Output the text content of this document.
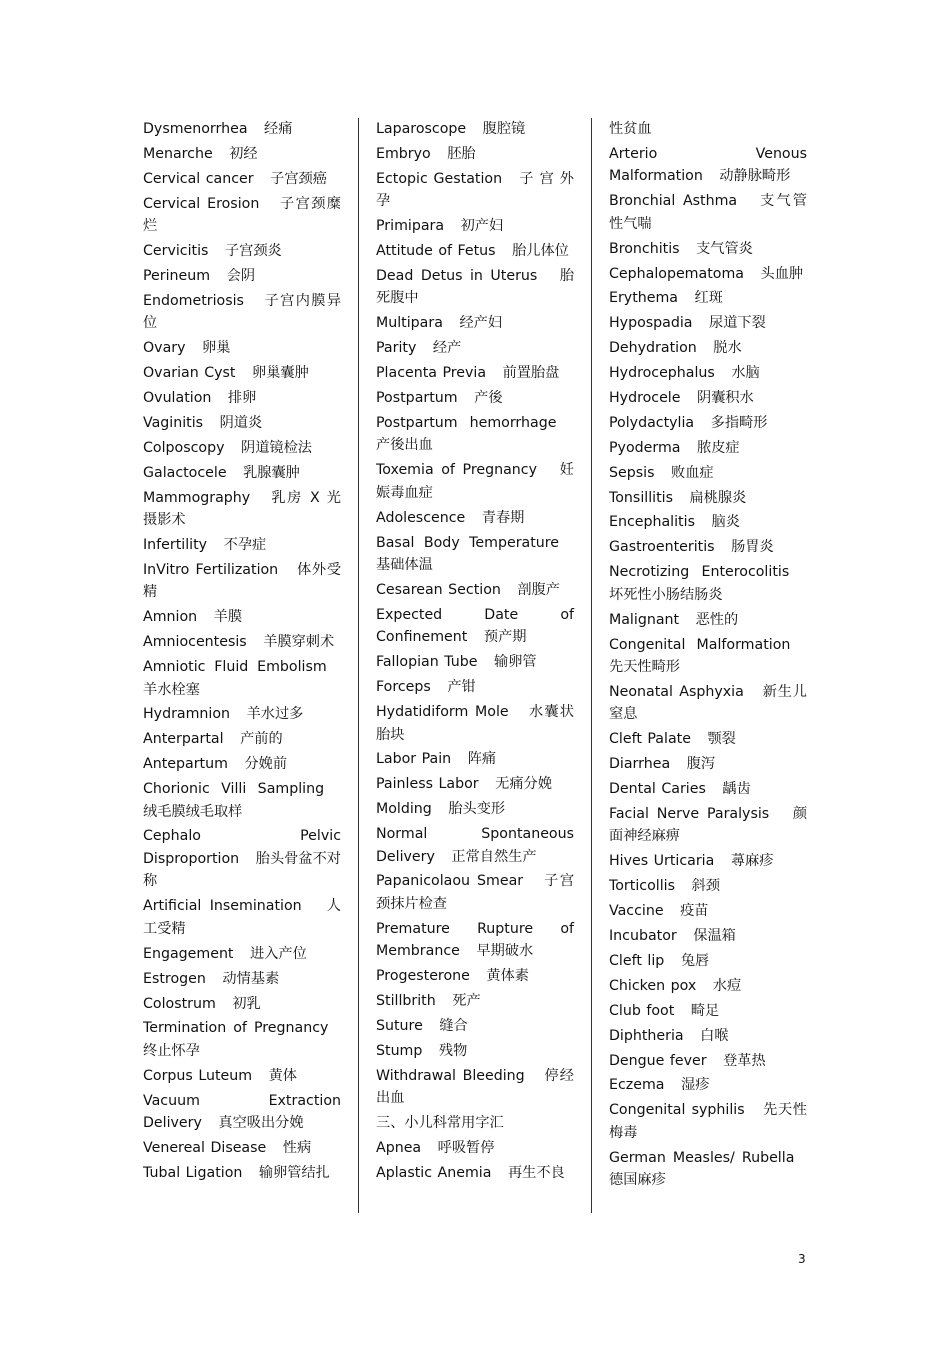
Dysmenorrhea 经痛
Menarche 初经
Cervical cancer 子宫颈癌
Cervical Erosion 子宫颈糜烂
Cervicitis 子宫颈炎
Perineum 会阴
Endometriosis 子宫内膜异位
Ovary 卵巢
Ovarian Cyst 卵巢囊肿
Ovulation 排卵
Vaginitis 阴道炎
Colposcopy 阴道镜检法
Galactocele 乳腺囊肿
Mammography 乳房 X 光摄影术
Infertility 不孕症
InVitro Fertilization 体外受精
Amnion 羊膜
Amniocentesis 羊膜穿刺术
Amniotic Fluid Embolism   羊水栓塞
Hydramnion 羊水过多
Anterpartal 产前的
Antepartum 分娩前
Chorionic Villi Sampling   绒毛膜绒毛取样
Cephalo Pelvic Disproportion 胎头骨盆不对称
Artificial Insemination 人工受精
Engagement 进入产位
Estrogen 动情基素
Colostrum 初乳
Termination of Pregnancy   终止怀孕
Corpus Luteum 黄体
Vacuum Extraction Delivery 真空吸出分娩
Venereal Disease 性病
Tubal Ligation 输卵管结扎
Laparoscope 腹腔镜
Embryo 胚胎
Ectopic Gestation 子 宫 外 孕
Primipara 初产妇
Attitude of Fetus 胎儿体位
Dead Detus in Uterus 胎死腹中
Multipara 经产妇
Parity 经产
Placenta Previa 前置胎盘
Postpartum 产後
Postpartum hemorrhage   产後出血
Toxemia of Pregnancy 妊娠毒血症
Adolescence 青春期
Basal Body Temperature   基础体温
Cesarean Section 剖腹产
Expected Date of Confinement 预产期
Fallopian Tube 输卵管
Forceps 产钳
Hydatidiform Mole 水囊状胎块
Labor Pain 阵痛
Painless Labor 无痛分娩
Molding 胎头变形
Normal Spontaneous Delivery 正常自然生产
Papanicolaou Smear 子宫颈抹片检查
Premature Rupture of Membrance 早期破水
Progesterone 黄体素
Stillbrith 死产
Suture 缝合
Stump 残物
Withdrawal Bleeding 停经出血
三、小儿科常用字汇
Apnea 呼吸暂停
Aplastic Anemia 再生不良
性贫血
Arterio Venous Malformation 动静脉畸形
Bronchial Asthma 支气管性气喘
Bronchitis 支气管炎
Cephalopematoma 头血肿
Erythema 红斑
Hypospadia 尿道下裂
Dehydration 脱水
Hydrocephalus 水脑
Hydrocele 阴囊积水
Polydactylia 多指畸形
Pyoderma 脓皮症
Sepsis 败血症
Tonsillitis 扁桃腺炎
Encephalitis 脑炎
Gastroenteritis 肠胃炎
Necrotizing Enterocolitis   坏死性小肠结肠炎
Malignant 恶性的
Congenital Malformation   先天性畸形
Neonatal Asphyxia 新生儿窒息
Cleft Palate 颚裂
Diarrhea 腹泻
Dental Caries 龋齿
Facial Nerve Paralysis 颜面神经麻痹
Hives Urticaria 蕁麻疹
Torticollis 斜颈
Vaccine 疫苗
Incubator 保温箱
Cleft lip 兔唇
Chicken pox 水痘
Club foot 畸足
Diphtheria 白喉
Dengue fever 登革热
Eczema 湿疹
Congenital syphilis 先天性梅毒
German Measles/ Rubella   德国麻疹
3
